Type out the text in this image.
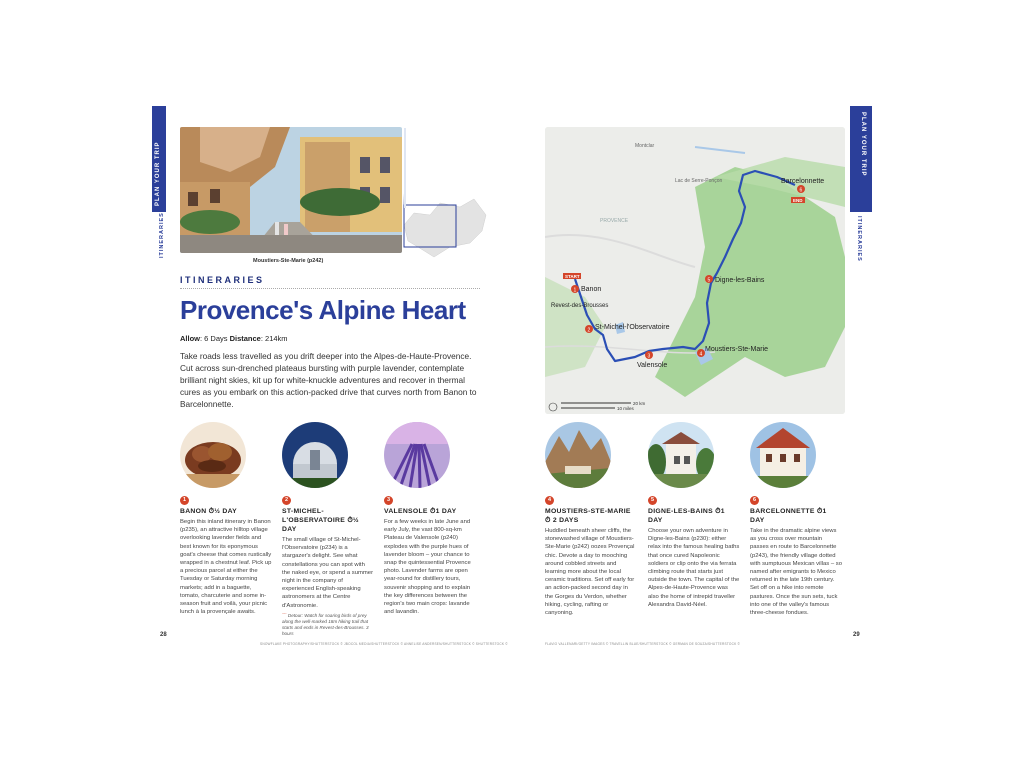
PLAN YOUR TRIP
ITINERARIES
Moustiers-Ste-Marie (p242)
ITINERARIES
Provence's Alpine Heart
Allow: 6 Days Distance: 214km
Take roads less travelled as you drift deeper into the Alpes-de-Haute-Provence. Cut across sun-drenched plateaus bursting with purple lavender, contemplate brilliant night skies, kit up for white-knuckle adventures and recover in thermal cures as you embark on this action-packed drive that curves north from Banon to Barcelonnette.
1
BANON ⏱½ DAY
Begin this inland itinerary in Banon (p235), an attractive hilltop village overlooking lavender fields and best known for its eponymous goat's cheese that comes rustically wrapped in a chestnut leaf. Pick up a precious parcel at either the Tuesday or Saturday morning markets; add in a baguette, tomato, charcuterie and some in-season fruit and voilà, your picnic lunch à la provençale awaits.
2
ST-MICHEL-L'OBSERVATOIRE ⏱½ DAY
The small village of St-Michel-l'Observatoire (p234) is a stargazer's delight. See what constellations you can spot with the naked eye, or spend a summer night in the company of experienced English-speaking astronomers at the Centre d'Astronomie.
⌒ Detour: Watch for soaring birds of prey along the well-marked 18m hiking trail that starts and ends in Revest-des-Brousses. 3 hours
3
VALENSOLE ⏱1 DAY
For a few weeks in late June and early July, the vast 800-sq-km Plateau de Valensole (p240) explodes with the purple hues of lavender bloom – your chance to snap the quintessential Provence photo. Lavender farms are open year-round for distillery tours, souvenir shopping and to explain the key differences between the region's two main crops: lavande and lavandin.
28
SNOWFLAKE PHOTOGRAPHY/SHUTTERSTOCK © JBOCOL MEDIA/SHUTTERSTOCK © ANNELISE ANDERSEN/SHUTTERSTOCK © SHUTTERSTOCK ©
PROVENCE
Lac de Serre-Ponçon
Montclar
START
END
1 Banon
Revest-des-Brousses
2 St-Michel-l'Observatoire
3
Valensole
4
Moustiers-Ste-Marie
5 Digne-les-Bains
6
Barcelonnette
20 km
10 miles
PLAN YOUR TRIP
ITINERARIES
4
MOUSTIERS-STE-MARIE
⏱ 2 DAYS
Huddled beneath sheer cliffs, the stonewashed village of Moustiers-Ste-Marie (p242) oozes Provençal chic. Devote a day to mooching around cobbled streets and learning more about the local ceramic traditions. Set off early for an action-packed second day in the Gorges du Verdon, whether hiking, cycling, rafting or canyoning.
5
DIGNE-LES-BAINS ⏱1 DAY
Choose your own adventure in Digne-les-Bains (p230): either relax into the famous healing baths that once cured Napoleonic soldiers or clip onto the via ferrata climbing route that starts just outside the town. The capital of the Alpes-de-Haute-Provence was also the home of intrepid traveller Alexandra David-Néel.
6
BARCELONNETTE ⏱1 DAY
Take in the dramatic alpine views as you cross over mountain passes en route to Barcelonnette (p243), the friendly village dotted with sumptuous Mexican villas – so named after emigrants to Mexico returned in the late 19th century. Set off on a hike into remote pastures. Once the sun sets, tuck into one of the valley's famous three-cheese fondues.
29
FLAVIO VALLENARI/GETTY IMAGES © TRAVELLIN BLUE/SHUTTERSTOCK © GERMAN DE SOUZA/SHUTTERSTOCK ©
